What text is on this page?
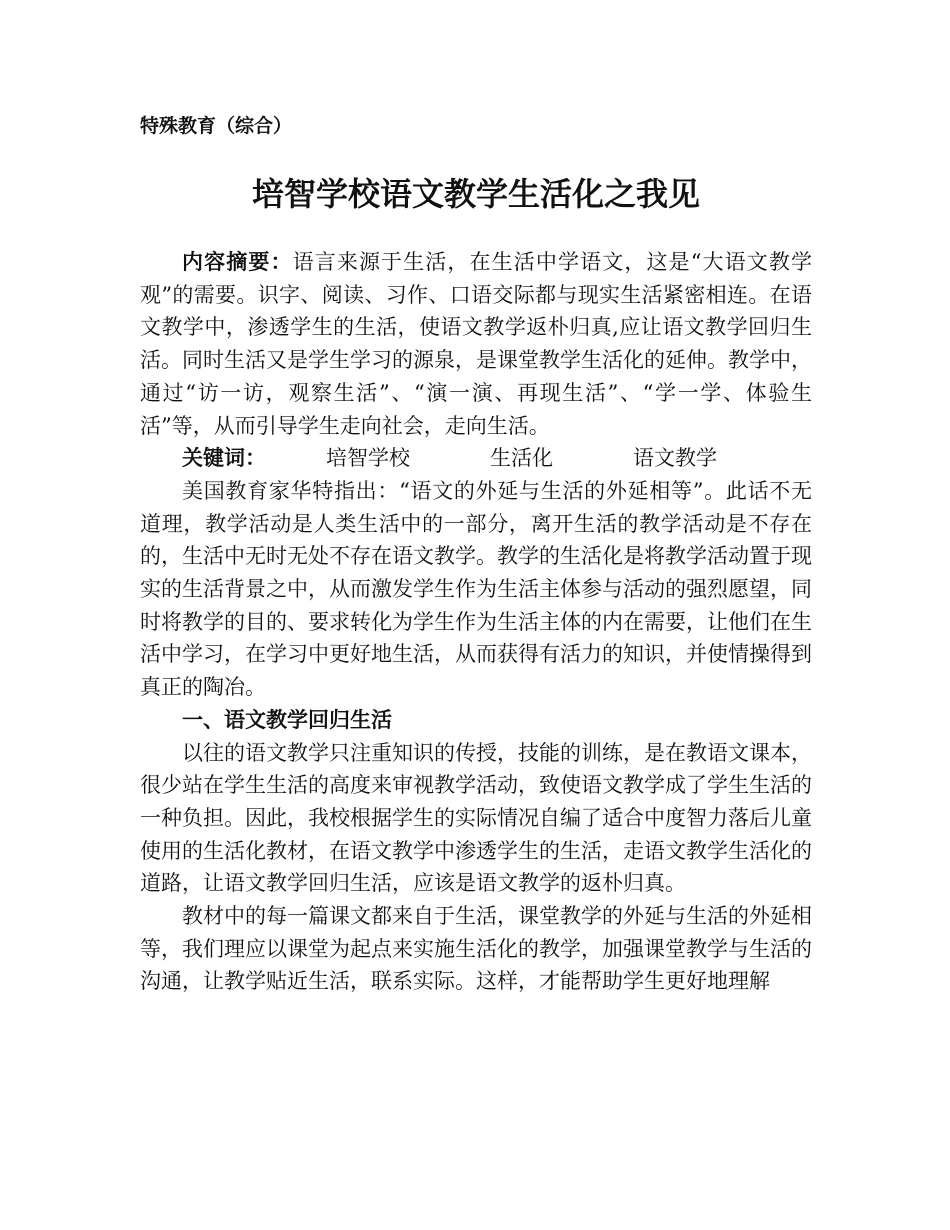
特殊教育（综合）
培智学校语文教学生活化之我见

内容摘要：语言来源于生活，在生活中学语文，这是“大语文教学观”的需要。识字、阅读、习作、口语交际都与现实生活紧密相连。在语文教学中，渗透学生的生活，使语文教学返朴归真,应让语文教学回归生活。同时生活又是学生学习的源泉，是课堂教学生活化的延伸。教学中，通过“访一访，观察生活”、“演一演、再现生活”、“学一学、体验生活”等，从而引导学生走向社会，走向生活。

关键词：	培智学校	生活化	语文教学

美国教育家华特指出：“语文的外延与生活的外延相等”。此话不无道理，教学活动是人类生活中的一部分，离开生活的教学活动是不存在的，生活中无时无处不存在语文教学。教学的生活化是将教学活动置于现实的生活背景之中，从而激发学生作为生活主体参与活动的强烈愿望，同时将教学的目的、要求转化为学生作为生活主体的内在需要，让他们在生活中学习，在学习中更好地生活，从而获得有活力的知识，并使情操得到真正的陶冶。

一、语文教学回归生活

以往的语文教学只注重知识的传授，技能的训练，是在教语文课本，很少站在学生生活的高度来审视教学活动，致使语文教学成了学生生活的一种负担。因此，我校根据学生的实际情况自编了适合中度智力落后儿童使用的生活化教材，在语文教学中渗透学生的生活，走语文教学生活化的道路，让语文教学回归生活，应该是语文教学的返朴归真。

教材中的每一篇课文都来自于生活，课堂教学的外延与生活的外延相等，我们理应以课堂为起点来实施生活化的教学，加强课堂教学与生活的沟通，让教学贴近生活，联系实际。这样，才能帮助学生更好地理解
